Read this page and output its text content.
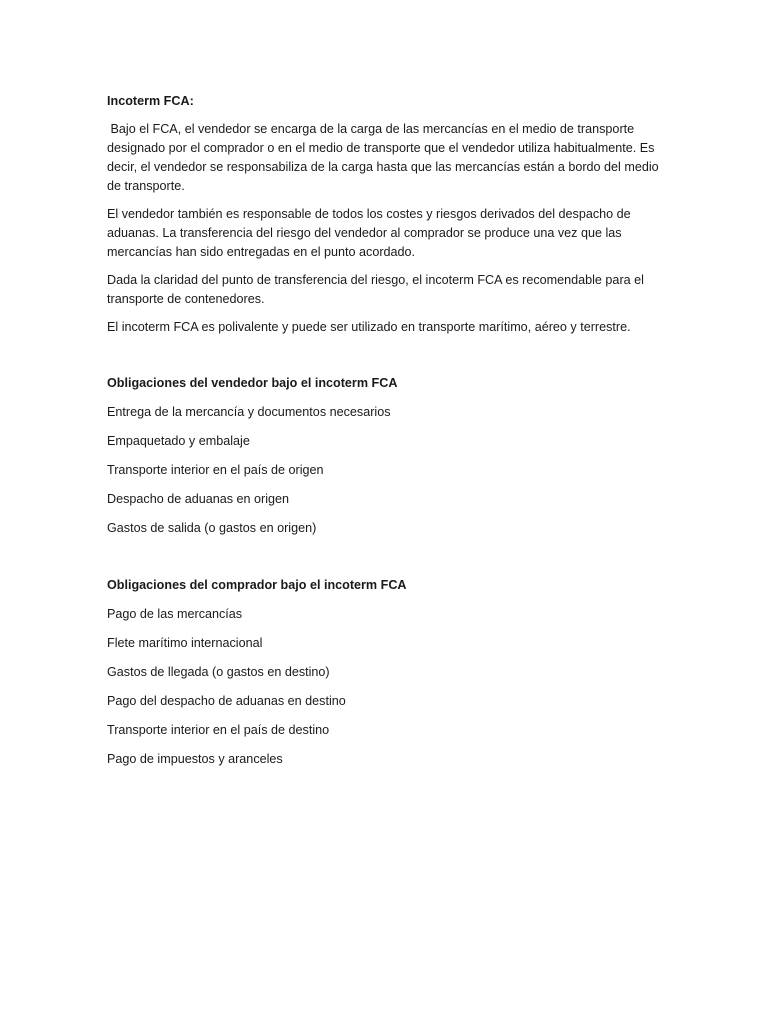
Incoterm FCA:

Bajo el FCA, el vendedor se encarga de la carga de las mercancías en el medio de transporte designado por el comprador o en el medio de transporte que el vendedor utiliza habitualmente. Es decir, el vendedor se responsabiliza de la carga hasta que las mercancías están a bordo del medio de transporte.

El vendedor también es responsable de todos los costes y riesgos derivados del despacho de aduanas. La transferencia del riesgo del vendedor al comprador se produce una vez que las mercancías han sido entregadas en el punto acordado.

Dada la claridad del punto de transferencia del riesgo, el incoterm FCA es recomendable para el transporte de contenedores.

El incoterm FCA es polivalente y puede ser utilizado en transporte marítimo, aéreo y terrestre.

Obligaciones del vendedor bajo el incoterm FCA
Entrega de la mercancía y documentos necesarios
Empaquetado y embalaje
Transporte interior en el país de origen
Despacho de aduanas en origen
Gastos de salida (o gastos en origen)
Obligaciones del comprador bajo el incoterm FCA
Pago de las mercancías
Flete marítimo internacional
Gastos de llegada (o gastos en destino)
Pago del despacho de aduanas en destino
Transporte interior en el país de destino
Pago de impuestos y aranceles
